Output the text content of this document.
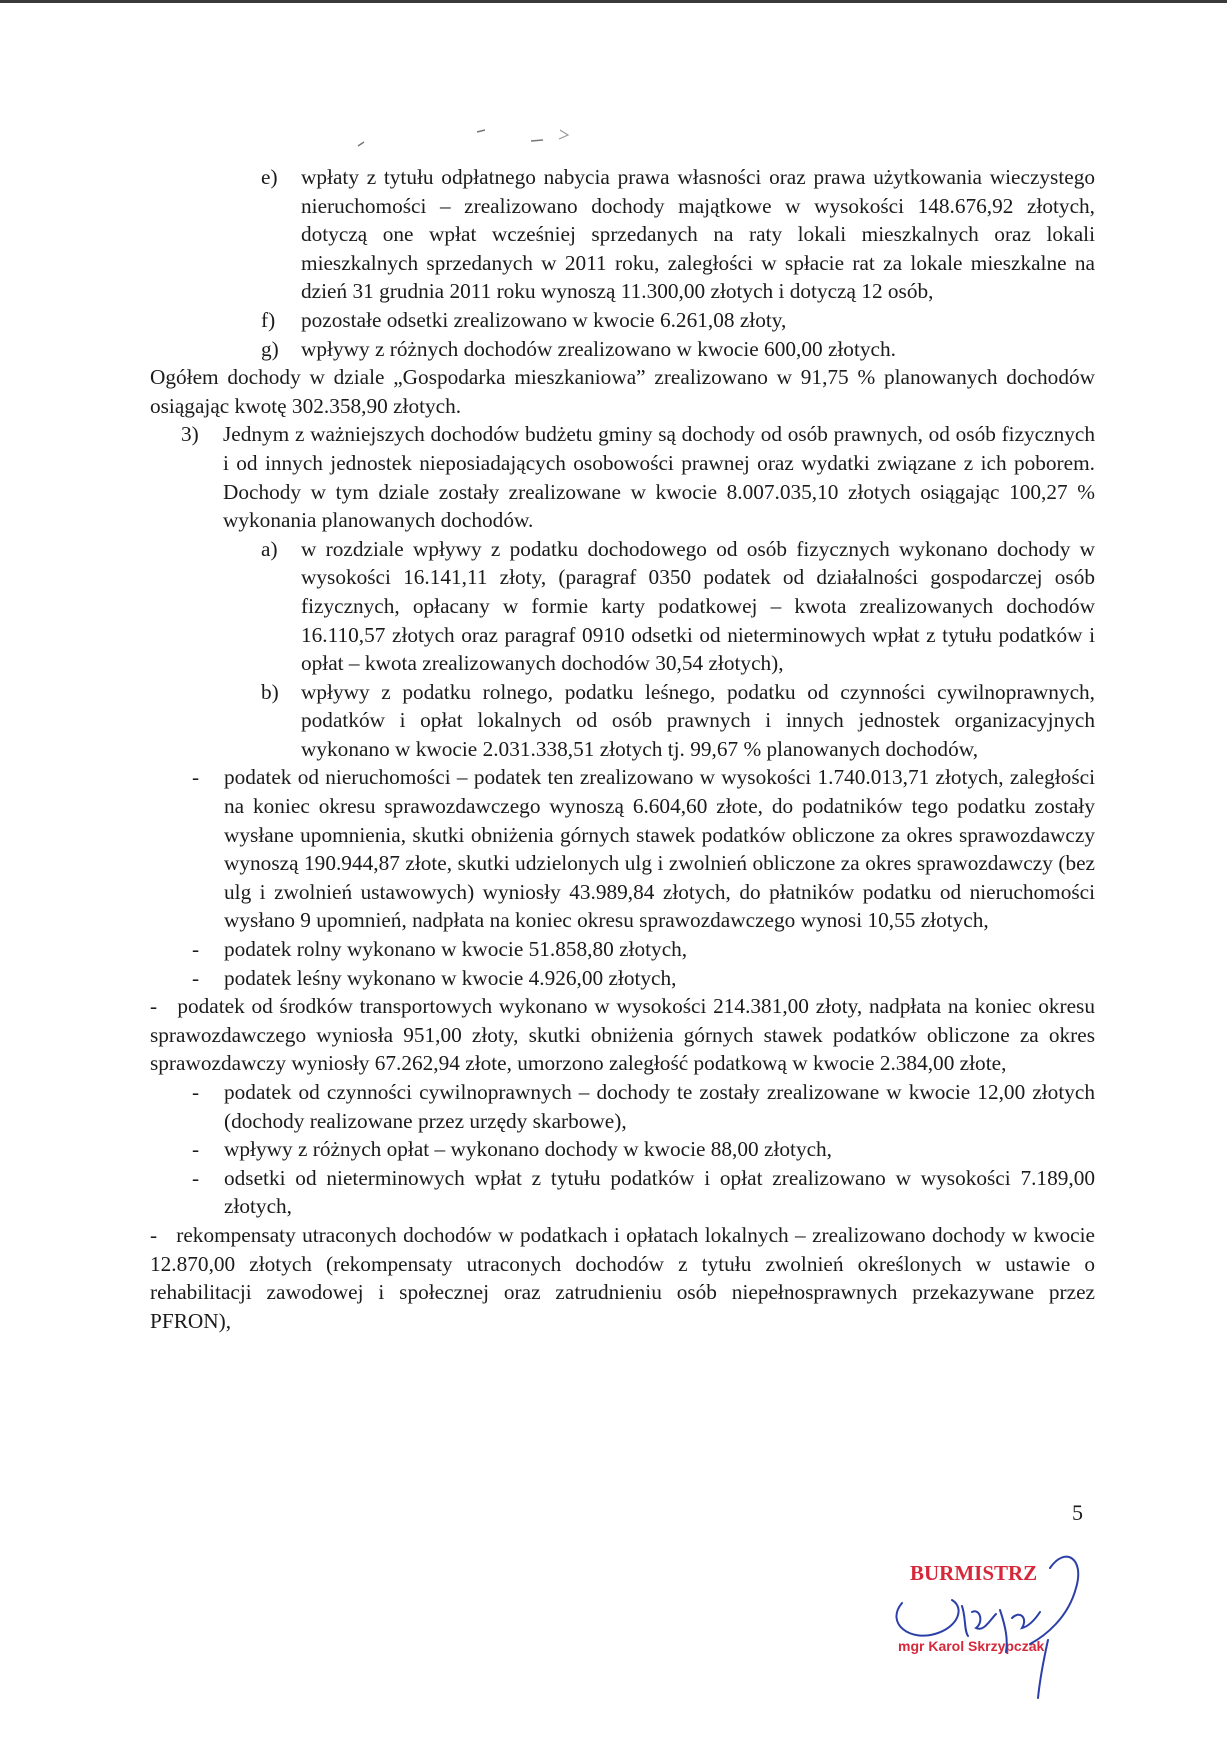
e)	wpłaty z tytułu odpłatnego nabycia prawa własności oraz prawa użytkowania wieczystego nieruchomości – zrealizowano dochody majątkowe w wysokości 148.676,92 złotych, dotyczą one wpłat wcześniej sprzedanych na raty lokali mieszkalnych oraz lokali mieszkalnych sprzedanych w 2011 roku, zaległości w spłacie rat za lokale mieszkalne na dzień 31 grudnia 2011 roku wynoszą 11.300,00 złotych i dotyczą 12 osób,
f)	pozostałe odsetki zrealizowano w kwocie 6.261,08 złoty,
g)	wpływy z różnych dochodów zrealizowano w kwocie 600,00 złotych.
Ogółem dochody w dziale „Gospodarka mieszkaniowa” zrealizowano w 91,75 % planowanych dochodów osiągając kwotę 302.358,90 złotych.
3)	Jednym z ważniejszych dochodów budżetu gminy są dochody od osób prawnych, od osób fizycznych i od innych jednostek nieposiadających osobowości prawnej oraz wydatki związane z ich poborem. Dochody w tym dziale zostały zrealizowane w kwocie 8.007.035,10 złotych osiągając 100,27 % wykonania planowanych dochodów.
a)	w rozdziale wpływy z podatku dochodowego od osób fizycznych wykonano dochody w wysokości 16.141,11 złoty, (paragraf 0350 podatek od działalności gospodarczej osób fizycznych, opłacany w formie karty podatkowej – kwota zrealizowanych dochodów 16.110,57 złotych oraz paragraf 0910 odsetki od nieterminowych wpłat z tytułu podatków i opłat – kwota zrealizowanych dochodów 30,54 złotych),
b)	wpływy z podatku rolnego, podatku leśnego, podatku od czynności cywilnoprawnych, podatków i opłat lokalnych od osób prawnych i innych jednostek organizacyjnych wykonano w kwocie 2.031.338,51 złotych tj. 99,67 % planowanych dochodów,
-	podatek od nieruchomości – podatek ten zrealizowano w wysokości 1.740.013,71 złotych, zaległości na koniec okresu sprawozdawczego wynoszą 6.604,60 złote, do podatników tego podatku zostały wysłane upomnienia, skutki obniżenia górnych stawek podatków obliczone za okres sprawozdawczy wynoszą 190.944,87 złote, skutki udzielonych ulg i zwolnień obliczone za okres sprawozdawczy (bez ulg i zwolnień ustawowych) wyniosły 43.989,84 złotych, do płatników podatku od nieruchomości wysłano 9 upomnień, nadpłata na koniec okresu sprawozdawczego wynosi 10,55 złotych,
-	podatek rolny wykonano w kwocie 51.858,80 złotych,
-	podatek leśny wykonano w kwocie 4.926,00 złotych,
-   podatek od środków transportowych wykonano w wysokości 214.381,00 złoty, nadpłata na koniec okresu sprawozdawczego wyniosła 951,00 złoty, skutki obniżenia górnych stawek podatków obliczone za okres sprawozdawczy wyniosły 67.262,94 złote, umorzono zaległość podatkową w kwocie 2.384,00 złote,
-	podatek od czynności cywilnoprawnych – dochody te zostały zrealizowane w kwocie 12,00 złotych (dochody realizowane przez urzędy skarbowe),
-	wpływy z różnych opłat – wykonano dochody w kwocie 88,00 złotych,
-	odsetki od nieterminowych wpłat z tytułu podatków i opłat zrealizowano w wysokości 7.189,00 złotych,
-   rekompensaty utraconych dochodów w podatkach i opłatach lokalnych – zrealizowano dochody w kwocie 12.870,00 złotych (rekompensaty utraconych dochodów z tytułu zwolnień określonych w ustawie o rehabilitacji zawodowej i społecznej oraz zatrudnieniu osób niepełnosprawnych przekazywane przez PFRON),
5
BURMISTRZ
mgr Karol Skrzypczak
